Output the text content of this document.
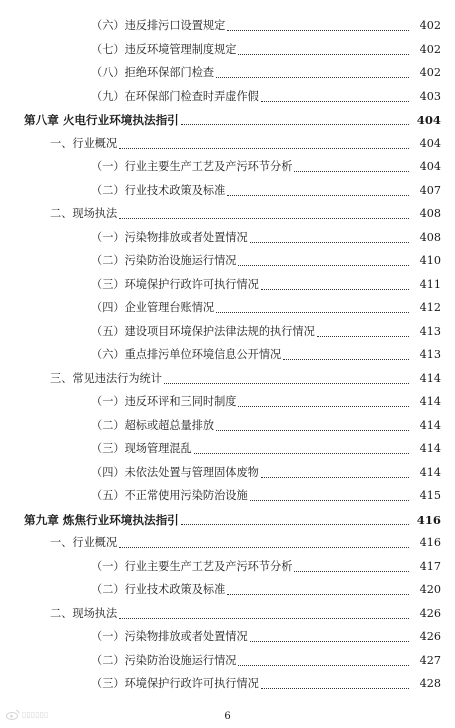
（六）违反排污口设置规定	402
（七）违反环境管理制度规定	402
（八）拒绝环保部门检查	402
（九）在环保部门检查时弄虚作假	403
第八章 火电行业环境执法指引	404
一、行业概况	404
（一）行业主要生产工艺及产污环节分析	404
（二）行业技术政策及标准	407
二、现场执法	408
（一）污染物排放或者处置情况	408
（二）污染防治设施运行情况	410
（三）环境保护行政许可执行情况	411
（四）企业管理台账情况	412
（五）建设项目环境保护法律法规的执行情况	413
（六）重点排污单位环境信息公开情况	413
三、常见违法行为统计	414
（一）违反环评和三同时制度	414
（二）超标或超总量排放	414
（三）现场管理混乱	414
（四）未依法处置与管理固体废物	414
（五）不正常使用污染防治设施	415
第九章 炼焦行业环境执法指引	416
一、行业概况	416
（一）行业主要生产工艺及产污环节分析	417
（二）行业技术政策及标准	420
二、现场执法	426
（一）污染物排放或者处置情况	426
（二）污染防治设施运行情况	427
（三）环境保护行政许可执行情况	428
6
▯▯▯▯▯▯
